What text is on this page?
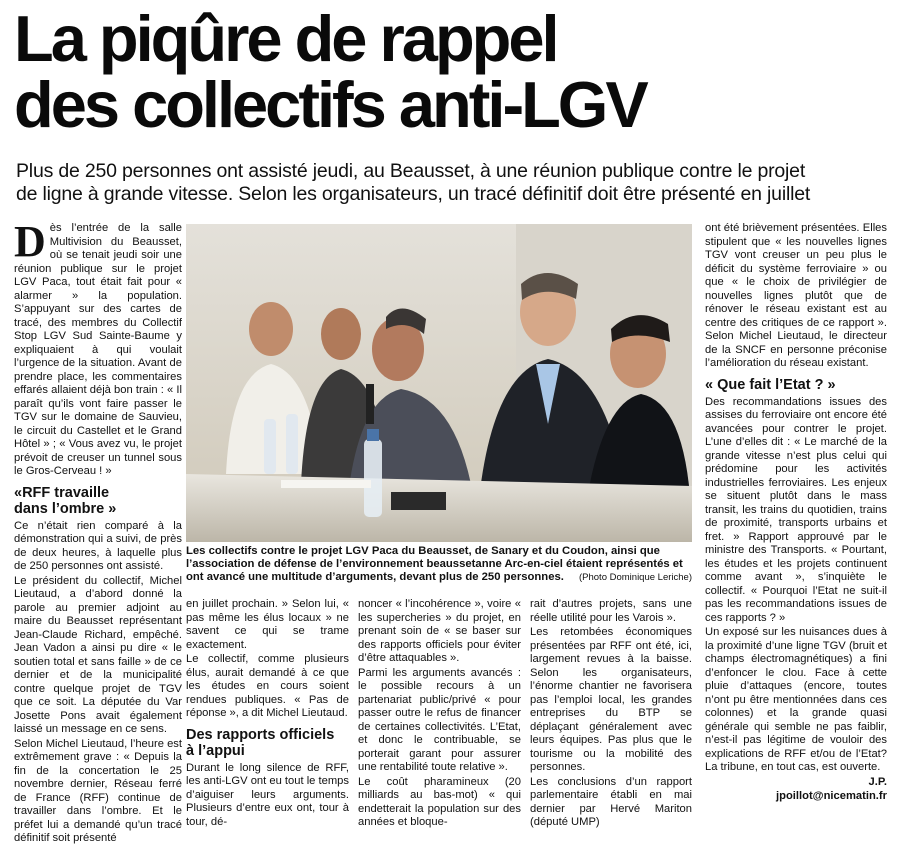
La piqûre de rappel
des collectifs anti-LGV
Plus de 250 personnes ont assisté jeudi, au Beausset, à une réunion publique contre le projet
de ligne à grande vitesse. Selon les organisateurs, un tracé définitif doit être présenté en juillet

Dès l’entrée de la salle Multivision du Beausset, où se tenait jeudi soir une réunion publique sur le projet LGV Paca, tout était fait pour « alarmer » la population. S’appuyant sur des cartes de tracé, des membres du Collectif Stop LGV Sud Sainte-Baume y expliquaient à qui voulait l’urgence de la situation. Avant de prendre place, les commentaires effarés allaient déjà bon train : « Il paraît qu’ils vont faire passer le TGV sur le domaine de Sauvieu, le circuit du Castellet et le Grand Hôtel » ; « Vous avez vu, le projet prévoit de creuser un tunnel sous le Gros-Cerveau ! »

«RFF travaille
dans l’ombre »

Ce n’était rien comparé à la démonstration qui a suivi, de près de deux heures, à laquelle plus de 250 personnes ont assisté.

Le président du collectif, Michel Lieutaud, a d’abord donné la parole au premier adjoint au maire du Beausset représentant Jean-Claude Richard, empêché. Jean Vadon a ainsi pu dire « le soutien total et sans faille » de ce dernier et de la municipalité contre quelque projet de TGV que ce soit. La députée du Var Josette Pons avait également laissé un message en ce sens.

Selon Michel Lieutaud, l’heure est extrêmement grave : « Depuis la fin de la concertation le 25 novembre dernier, Réseau ferré de France (RFF) continue de travailler dans l’ombre. Et le préfet lui a demandé qu’un tracé définitif soit présenté

Les collectifs contre le projet LGV Paca du Beausset, de Sanary et du Coudon, ainsi que l’association de défense de l’environnement beaussetanne Arc-en-ciel étaient représentés et ont avancé une multitude d’arguments, devant plus de 250 personnes. (Photo Dominique Leriche)

en juillet prochain. » Selon lui, « pas même les élus locaux » ne savent ce qui se trame exactement.

Le collectif, comme plusieurs élus, aurait demandé à ce que les études en cours soient rendues publiques. « Pas de réponse », a dit Michel Lieutaud.

Des rapports officiels
à l’appui

Durant le long silence de RFF, les anti-LGV ont eu tout le temps d’aiguiser leurs arguments. Plusieurs d’entre eux ont, tour à tour, dé-

noncer « l’incohérence », voire « les supercheries » du projet, en prenant soin de « se baser sur des rapports officiels pour éviter d’être attaquables ».

Parmi les arguments avancés : le possible recours à un partenariat public/privé « pour passer outre le refus de financer de certaines collectivités. L’Etat, et donc le contribuable, se porterait garant pour assurer une rentabilité toute relative ».

Le coût pharamineux (20 milliards au bas-mot) « qui endetterait la population sur des années et bloque-

rait d’autres projets, sans une réelle utilité pour les Varois ».

Les retombées économiques présentées par RFF ont été, ici, largement revues à la baisse. Selon les organisateurs, l’énorme chantier ne favorisera pas l’emploi local, les grandes entreprises du BTP se déplaçant généralement avec leurs équipes. Pas plus que le tourisme ou la mobilité des personnes.

Les conclusions d’un rapport parlementaire établi en mai dernier par Hervé Mariton (député UMP)

ont été brièvement présentées. Elles stipulent que « les nouvelles lignes TGV vont creuser un peu plus le déficit du système ferroviaire » ou que « le choix de privilégier de nouvelles lignes plutôt que de rénover le réseau existant est au centre des critiques de ce rapport ». Selon Michel Lieutaud, le directeur de la SNCF en personne préconise l’amélioration du réseau existant.

« Que fait l’Etat ? »

Des recommandations issues des assises du ferroviaire ont encore été avancées pour contrer le projet. L’une d’elles dit : « Le marché de la grande vitesse n’est plus celui qui prédomine pour les activités industrielles ferroviaires. Les enjeux se situent plutôt dans le mass transit, les trains du quotidien, trains de proximité, transports urbains et fret. » Rapport approuvé par le ministre des Transports. « Pourtant, les études et les projets continuent comme avant », s’inquiète le collectif. « Pourquoi l’Etat ne suit-il pas les recommandations issues de ces rapports ? »

Un exposé sur les nuisances dues à la proximité d’une ligne TGV (bruit et champs électromagnétiques) a fini d’enfoncer le clou. Face à cette pluie d’attaques (encore, toutes n’ont pu être mentionnées dans ces colonnes) et la grande quasi générale qui semble ne pas faiblir, n’est-il pas légitime de vouloir des explications de RFF et/ou de l’Etat? La tribune, en tout cas, est ouverte.

J.P.

jpoillot@nicematin.fr
